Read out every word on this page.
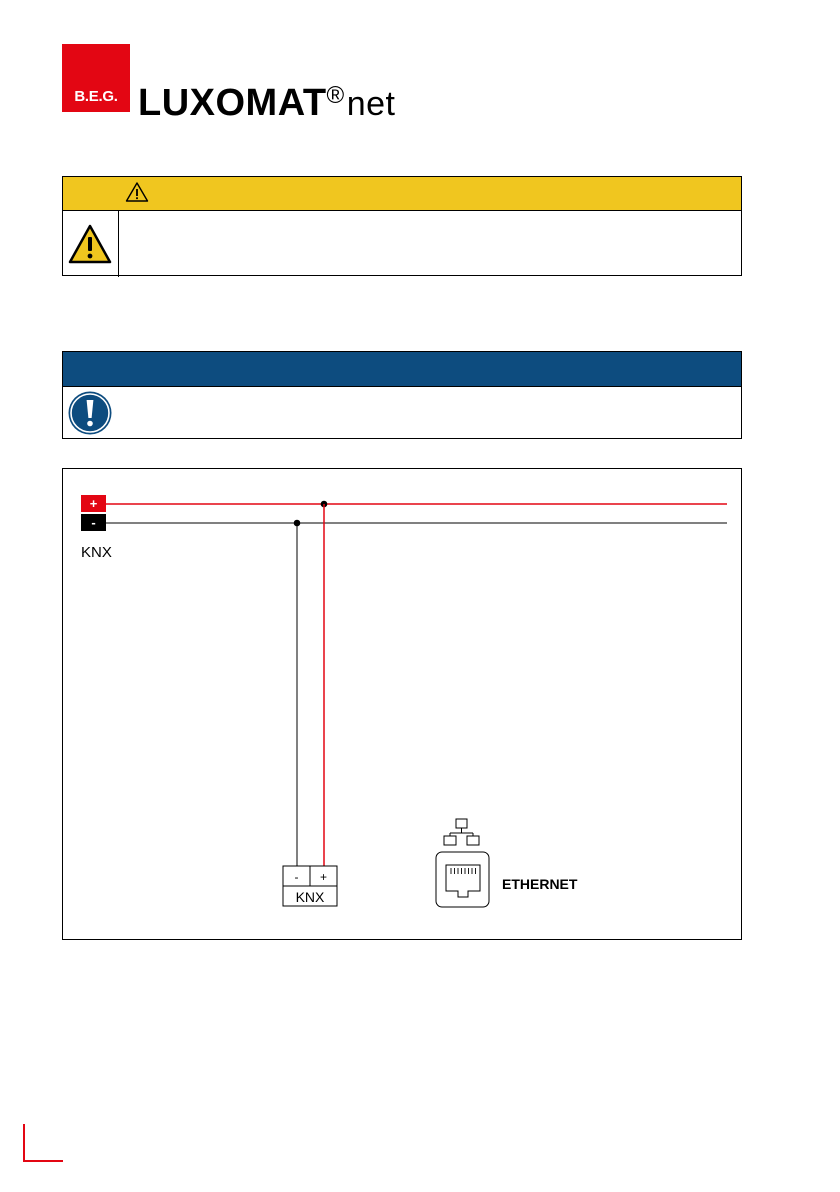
B.E.G. LUXOMAT®net
+
-
KNX
- +
KNX
ETHERNET
